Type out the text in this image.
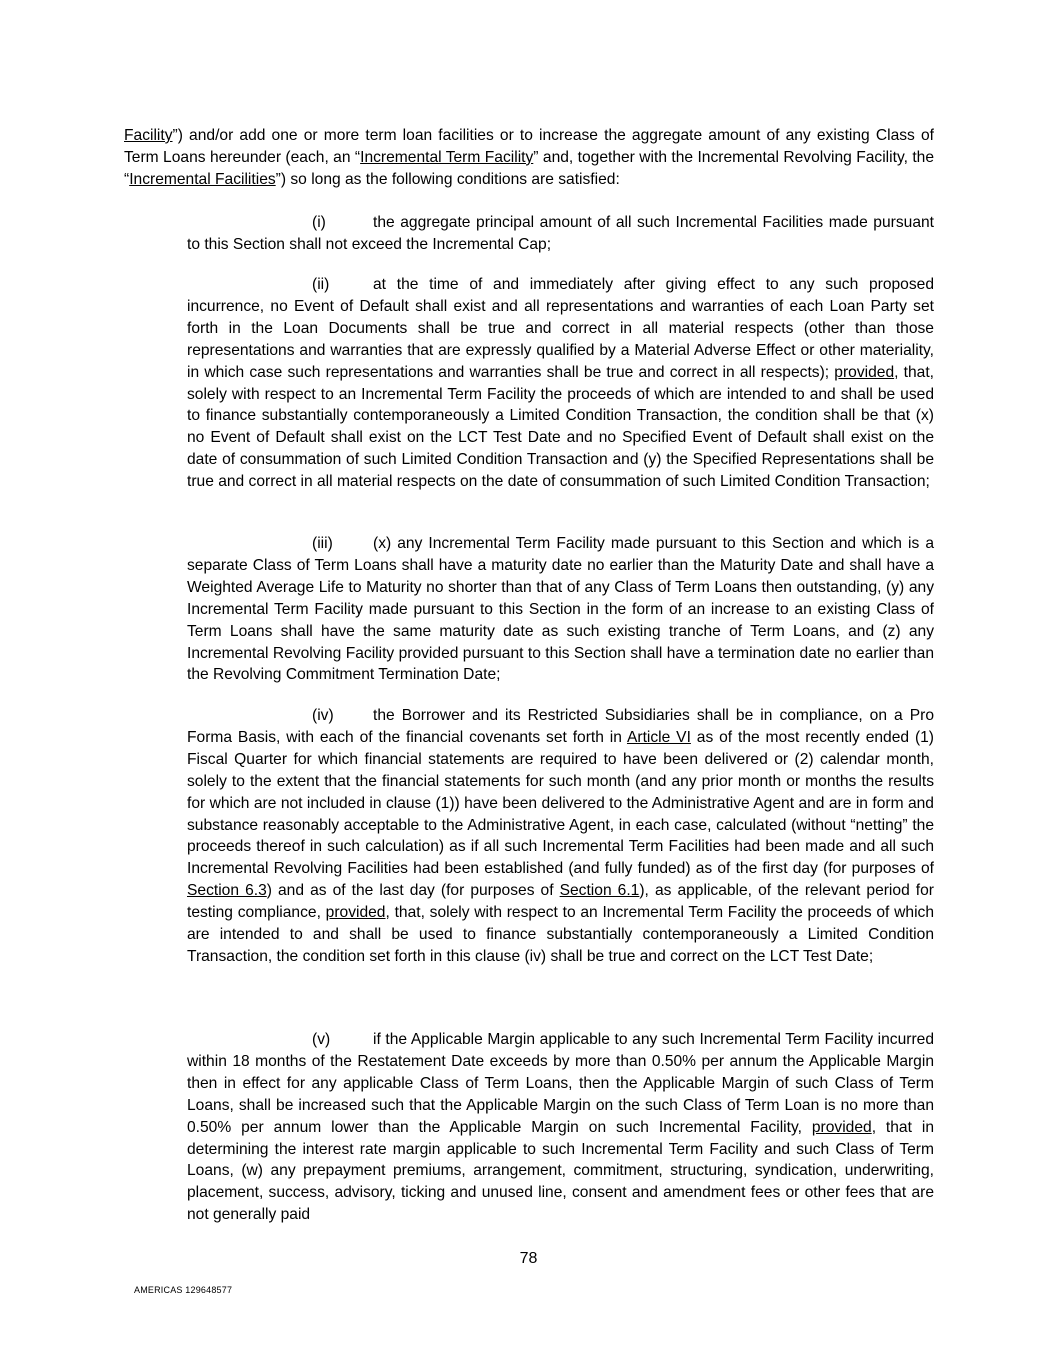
Facility”) and/or add one or more term loan facilities or to increase the aggregate amount of any existing Class of Term Loans hereunder (each, an “Incremental Term Facility” and, together with the Incremental Revolving Facility, the “Incremental Facilities”) so long as the following conditions are satisfied:

(i)	the aggregate principal amount of all such Incremental Facilities made pursuant to this Section shall not exceed the Incremental Cap;

(ii)	at the time of and immediately after giving effect to any such proposed incurrence, no Event of Default shall exist and all representations and warranties of each Loan Party set forth in the Loan Documents shall be true and correct in all material respects (other than those representations and warranties that are expressly qualified by a Material Adverse Effect or other materiality, in which case such representations and warranties shall be true and correct in all respects); provided, that, solely with respect to an Incremental Term Facility the proceeds of which are intended to and shall be used to finance substantially contemporaneously a Limited Condition Transaction, the condition shall be that (x) no Event of Default shall exist on the LCT Test Date and no Specified Event of Default shall exist on the date of consummation of such Limited Condition Transaction and (y) the Specified Representations shall be true and correct in all material respects on the date of consummation of such Limited Condition Transaction;

(iii)	(x) any Incremental Term Facility made pursuant to this Section and which is a separate Class of Term Loans shall have a maturity date no earlier than the Maturity Date and shall have a Weighted Average Life to Maturity no shorter than that of any Class of Term Loans then outstanding, (y) any Incremental Term Facility made pursuant to this Section in the form of an increase to an existing Class of Term Loans shall have the same maturity date as such existing tranche of Term Loans, and (z) any Incremental Revolving Facility provided pursuant to this Section shall have a termination date no earlier than the Revolving Commitment Termination Date;

(iv)	the Borrower and its Restricted Subsidiaries shall be in compliance, on a Pro Forma Basis, with each of the financial covenants set forth in Article VI as of the most recently ended (1) Fiscal Quarter for which financial statements are required to have been delivered or (2) calendar month, solely to the extent that the financial statements for such month (and any prior month or months the results for which are not included in clause (1)) have been delivered to the Administrative Agent and are in form and substance reasonably acceptable to the Administrative Agent, in each case, calculated (without “netting” the proceeds thereof in such calculation) as if all such Incremental Term Facilities had been made and all such Incremental Revolving Facilities had been established (and fully funded) as of the first day (for purposes of Section 6.3) and as of the last day (for purposes of Section 6.1), as applicable, of the relevant period for testing compliance, provided, that, solely with respect to an Incremental Term Facility the proceeds of which are intended to and shall be used to finance substantially contemporaneously a Limited Condition Transaction, the condition set forth in this clause (iv) shall be true and correct on the LCT Test Date;

(v)	if the Applicable Margin applicable to any such Incremental Term Facility incurred within 18 months of the Restatement Date exceeds by more than 0.50% per annum the Applicable Margin then in effect for any applicable Class of Term Loans, then the Applicable Margin of such Class of Term Loans, shall be increased such that the Applicable Margin on the such Class of Term Loan is no more than 0.50% per annum lower than the Applicable Margin on such Incremental Facility, provided, that in determining the interest rate margin applicable to such Incremental Term Facility and such Class of Term Loans, (w) any prepayment premiums, arrangement, commitment, structuring, syndication, underwriting, placement, success, advisory, ticking and unused line, consent and amendment fees or other fees that are not generally paid

78
AMERICAS 129648577
